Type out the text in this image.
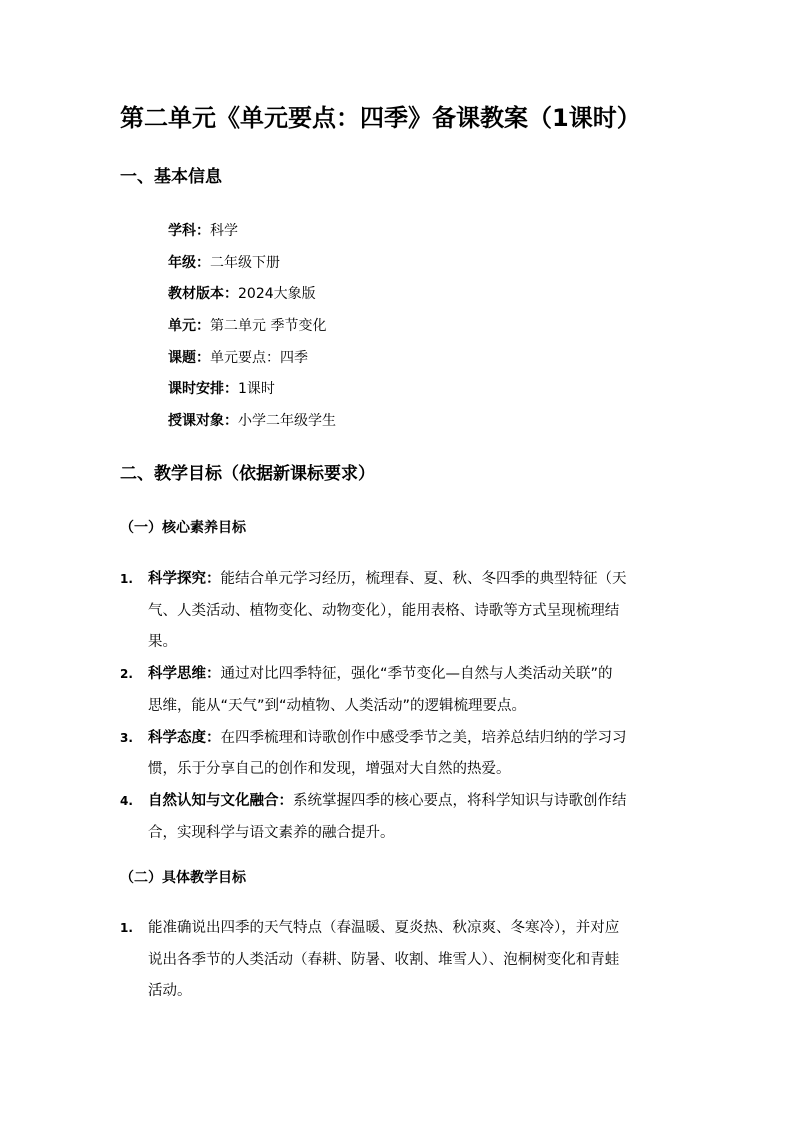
第二单元《单元要点：四季》备课教案（1课时）
一、基本信息
学科：科学
年级：二年级下册
教材版本：2024大象版
单元：第二单元 季节变化
课题：单元要点：四季
课时安排：1课时
授课对象：小学二年级学生
二、教学目标（依据新课标要求）
（一）核心素养目标
1. 科学探究：能结合单元学习经历，梳理春、夏、秋、冬四季的典型特征（天
气、人类活动、植物变化、动物变化），能用表格、诗歌等方式呈现梳理结
果。
2. 科学思维：通过对比四季特征，强化“季节变化—自然与人类活动关联”的
思维，能从“天气”到“动植物、人类活动”的逻辑梳理要点。
3. 科学态度：在四季梳理和诗歌创作中感受季节之美，培养总结归纳的学习习
惯，乐于分享自己的创作和发现，增强对大自然的热爱。
4. 自然认知与文化融合：系统掌握四季的核心要点，将科学知识与诗歌创作结
合，实现科学与语文素养的融合提升。
（二）具体教学目标
1. 能准确说出四季的天气特点（春温暖、夏炎热、秋凉爽、冬寒冷），并对应
说出各季节的人类活动（春耕、防暑、收割、堆雪人）、泡桐树变化和青蛙
活动。
